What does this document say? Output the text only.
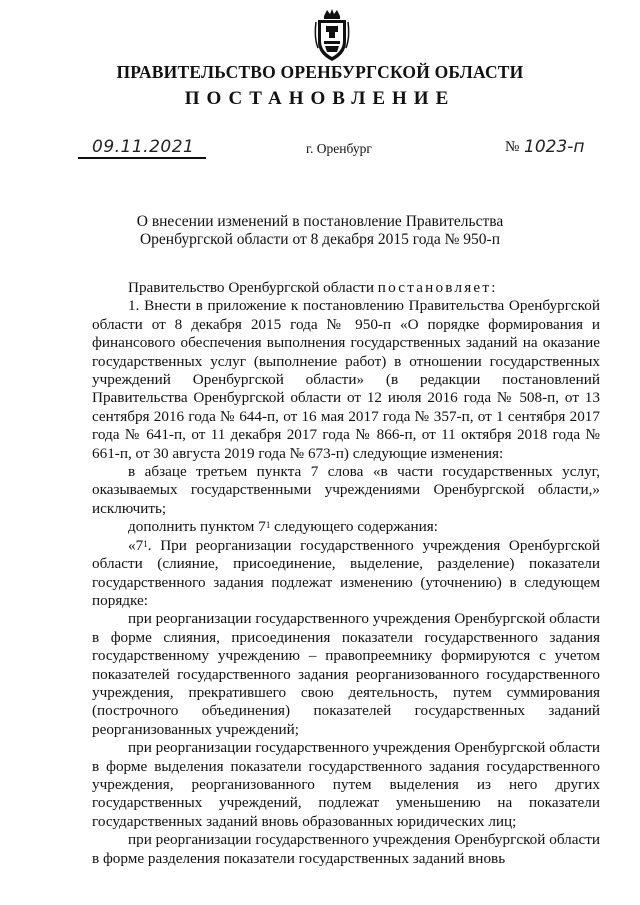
ПРАВИТЕЛЬСТВО ОРЕНБУРГСКОЙ ОБЛАСТИ
ПОСТАНОВЛЕНИЕ
09.11.2021	г. Оренбург	№ 1023-п
О внесении изменений в постановление Правительства
Оренбургской области от 8 декабря 2015 года № 950-п

Правительство Оренбургской области постановляет:

1. Внести в приложение к постановлению Правительства Оренбургской области от 8 декабря 2015 года № 950-п «О порядке формирования и финансового обеспечения выполнения государственных заданий на оказание государственных услуг (выполнение работ) в отношении государственных учреждений Оренбургской области» (в редакции постановлений Правительства Оренбургской области от 12 июля 2016 года № 508-п, от 13 сентября 2016 года № 644-п, от 16 мая 2017 года № 357-п, от 1 сентября 2017 года № 641-п, от 11 декабря 2017 года № 866-п, от 11 октября 2018 года № 661-п, от 30 августа 2019 года № 673-п) следующие изменения:

в абзаце третьем пункта 7 слова «в части государственных услуг, оказываемых государственными учреждениями Оренбургской области,» исключить;

дополнить пунктом $7^1$ следующего содержания:

«$7^1$. При реорганизации государственного учреждения Оренбургской области (слияние, присоединение, выделение, разделение) показатели государственного задания подлежат изменению (уточнению) в следующем порядке:

при реорганизации государственного учреждения Оренбургской области в форме слияния, присоединения показатели государственного задания государственному учреждению – правопреемнику формируются с учетом показателей государственного задания реорганизованного государственного учреждения, прекратившего свою деятельность, путем суммирования (построчного объединения) показателей государственных заданий реорганизованных учреждений;

при реорганизации государственного учреждения Оренбургской области в форме выделения показатели государственного задания государственного учреждения, реорганизованного путем выделения из него других государственных учреждений, подлежат уменьшению на показатели государственных заданий вновь образованных юридических лиц;

при реорганизации государственного учреждения Оренбургской области в форме разделения показатели государственных заданий вновь
